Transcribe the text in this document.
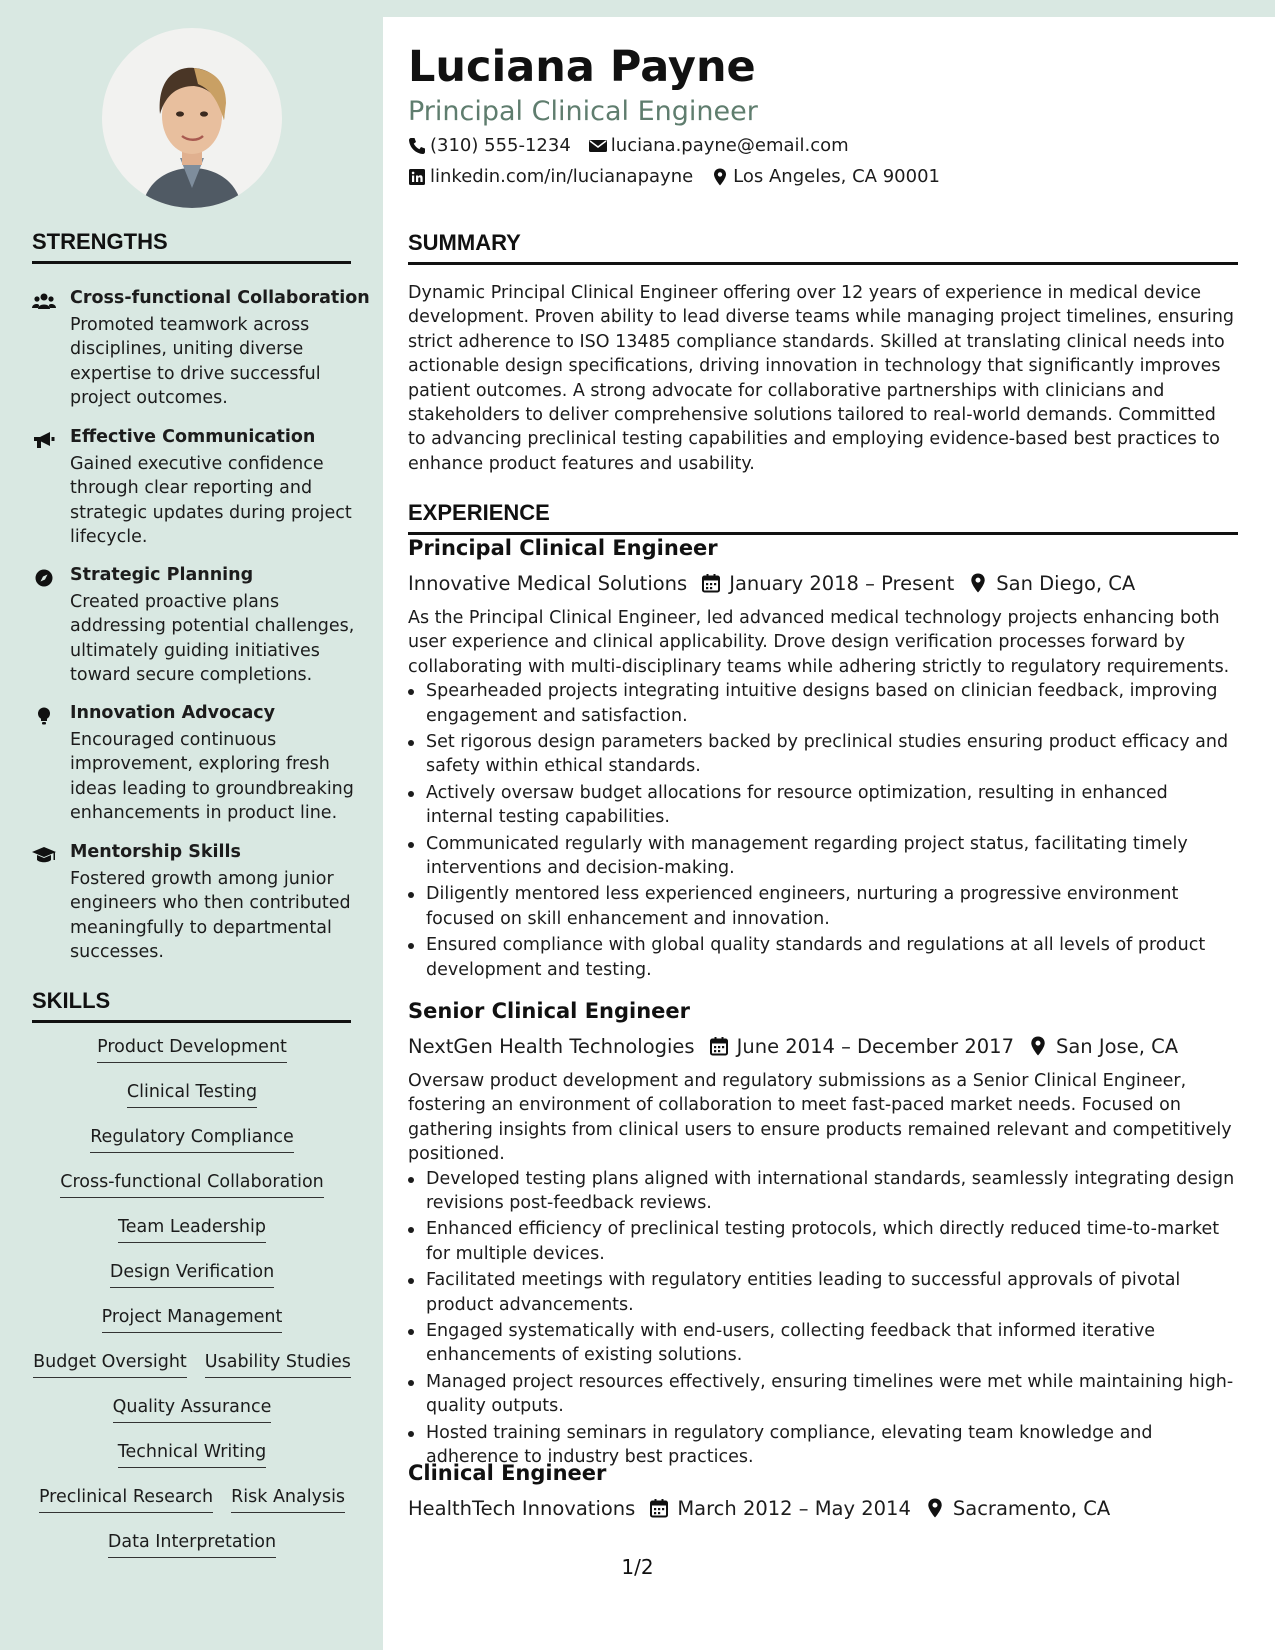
STRENGTHS
Cross-functional Collaboration
Promoted teamwork across disciplines, uniting diverse expertise to drive successful project outcomes.
Effective Communication
Gained executive confidence through clear reporting and strategic updates during project lifecycle.
Strategic Planning
Created proactive plans addressing potential challenges, ultimately guiding initiatives toward secure completions.
Innovation Advocacy
Encouraged continuous improvement, exploring fresh ideas leading to groundbreaking enhancements in product line.
Mentorship Skills
Fostered growth among junior engineers who then contributed meaningfully to departmental successes.
SKILLS
Product Development
Clinical Testing
Regulatory Compliance
Cross-functional Collaboration
Team Leadership
Design Verification
Project Management
Budget Oversight Usability Studies
Quality Assurance
Technical Writing
Preclinical Research Risk Analysis
Data Interpretation
Luciana Payne
Principal Clinical Engineer
(310) 555-1234 luciana.payne@email.com
linkedin.com/in/lucianapayne Los Angeles, CA 90001
SUMMARY
Dynamic Principal Clinical Engineer offering over 12 years of experience in medical device development. Proven ability to lead diverse teams while managing project timelines, ensuring strict adherence to ISO 13485 compliance standards. Skilled at translating clinical needs into actionable design specifications, driving innovation in technology that significantly improves patient outcomes. A strong advocate for collaborative partnerships with clinicians and stakeholders to deliver comprehensive solutions tailored to real-world demands. Committed to advancing preclinical testing capabilities and employing evidence-based best practices to enhance product features and usability.
EXPERIENCE
Principal Clinical Engineer
Innovative Medical Solutions January 2018 – Present San Diego, CA
As the Principal Clinical Engineer, led advanced medical technology projects enhancing both user experience and clinical applicability. Drove design verification processes forward by collaborating with multi-disciplinary teams while adhering strictly to regulatory requirements.
Spearheaded projects integrating intuitive designs based on clinician feedback, improving engagement and satisfaction.
Set rigorous design parameters backed by preclinical studies ensuring product efficacy and safety within ethical standards.
Actively oversaw budget allocations for resource optimization, resulting in enhanced internal testing capabilities.
Communicated regularly with management regarding project status, facilitating timely interventions and decision-making.
Diligently mentored less experienced engineers, nurturing a progressive environment focused on skill enhancement and innovation.
Ensured compliance with global quality standards and regulations at all levels of product development and testing.
Senior Clinical Engineer
NextGen Health Technologies June 2014 – December 2017 San Jose, CA
Oversaw product development and regulatory submissions as a Senior Clinical Engineer, fostering an environment of collaboration to meet fast-paced market needs. Focused on gathering insights from clinical users to ensure products remained relevant and competitively positioned.
Developed testing plans aligned with international standards, seamlessly integrating design revisions post-feedback reviews.
Enhanced efficiency of preclinical testing protocols, which directly reduced time-to-market for multiple devices.
Facilitated meetings with regulatory entities leading to successful approvals of pivotal product advancements.
Engaged systematically with end-users, collecting feedback that informed iterative enhancements of existing solutions.
Managed project resources effectively, ensuring timelines were met while maintaining high-quality outputs.
Hosted training seminars in regulatory compliance, elevating team knowledge and adherence to industry best practices.
Clinical Engineer
HealthTech Innovations March 2012 – May 2014 Sacramento, CA
1/2
